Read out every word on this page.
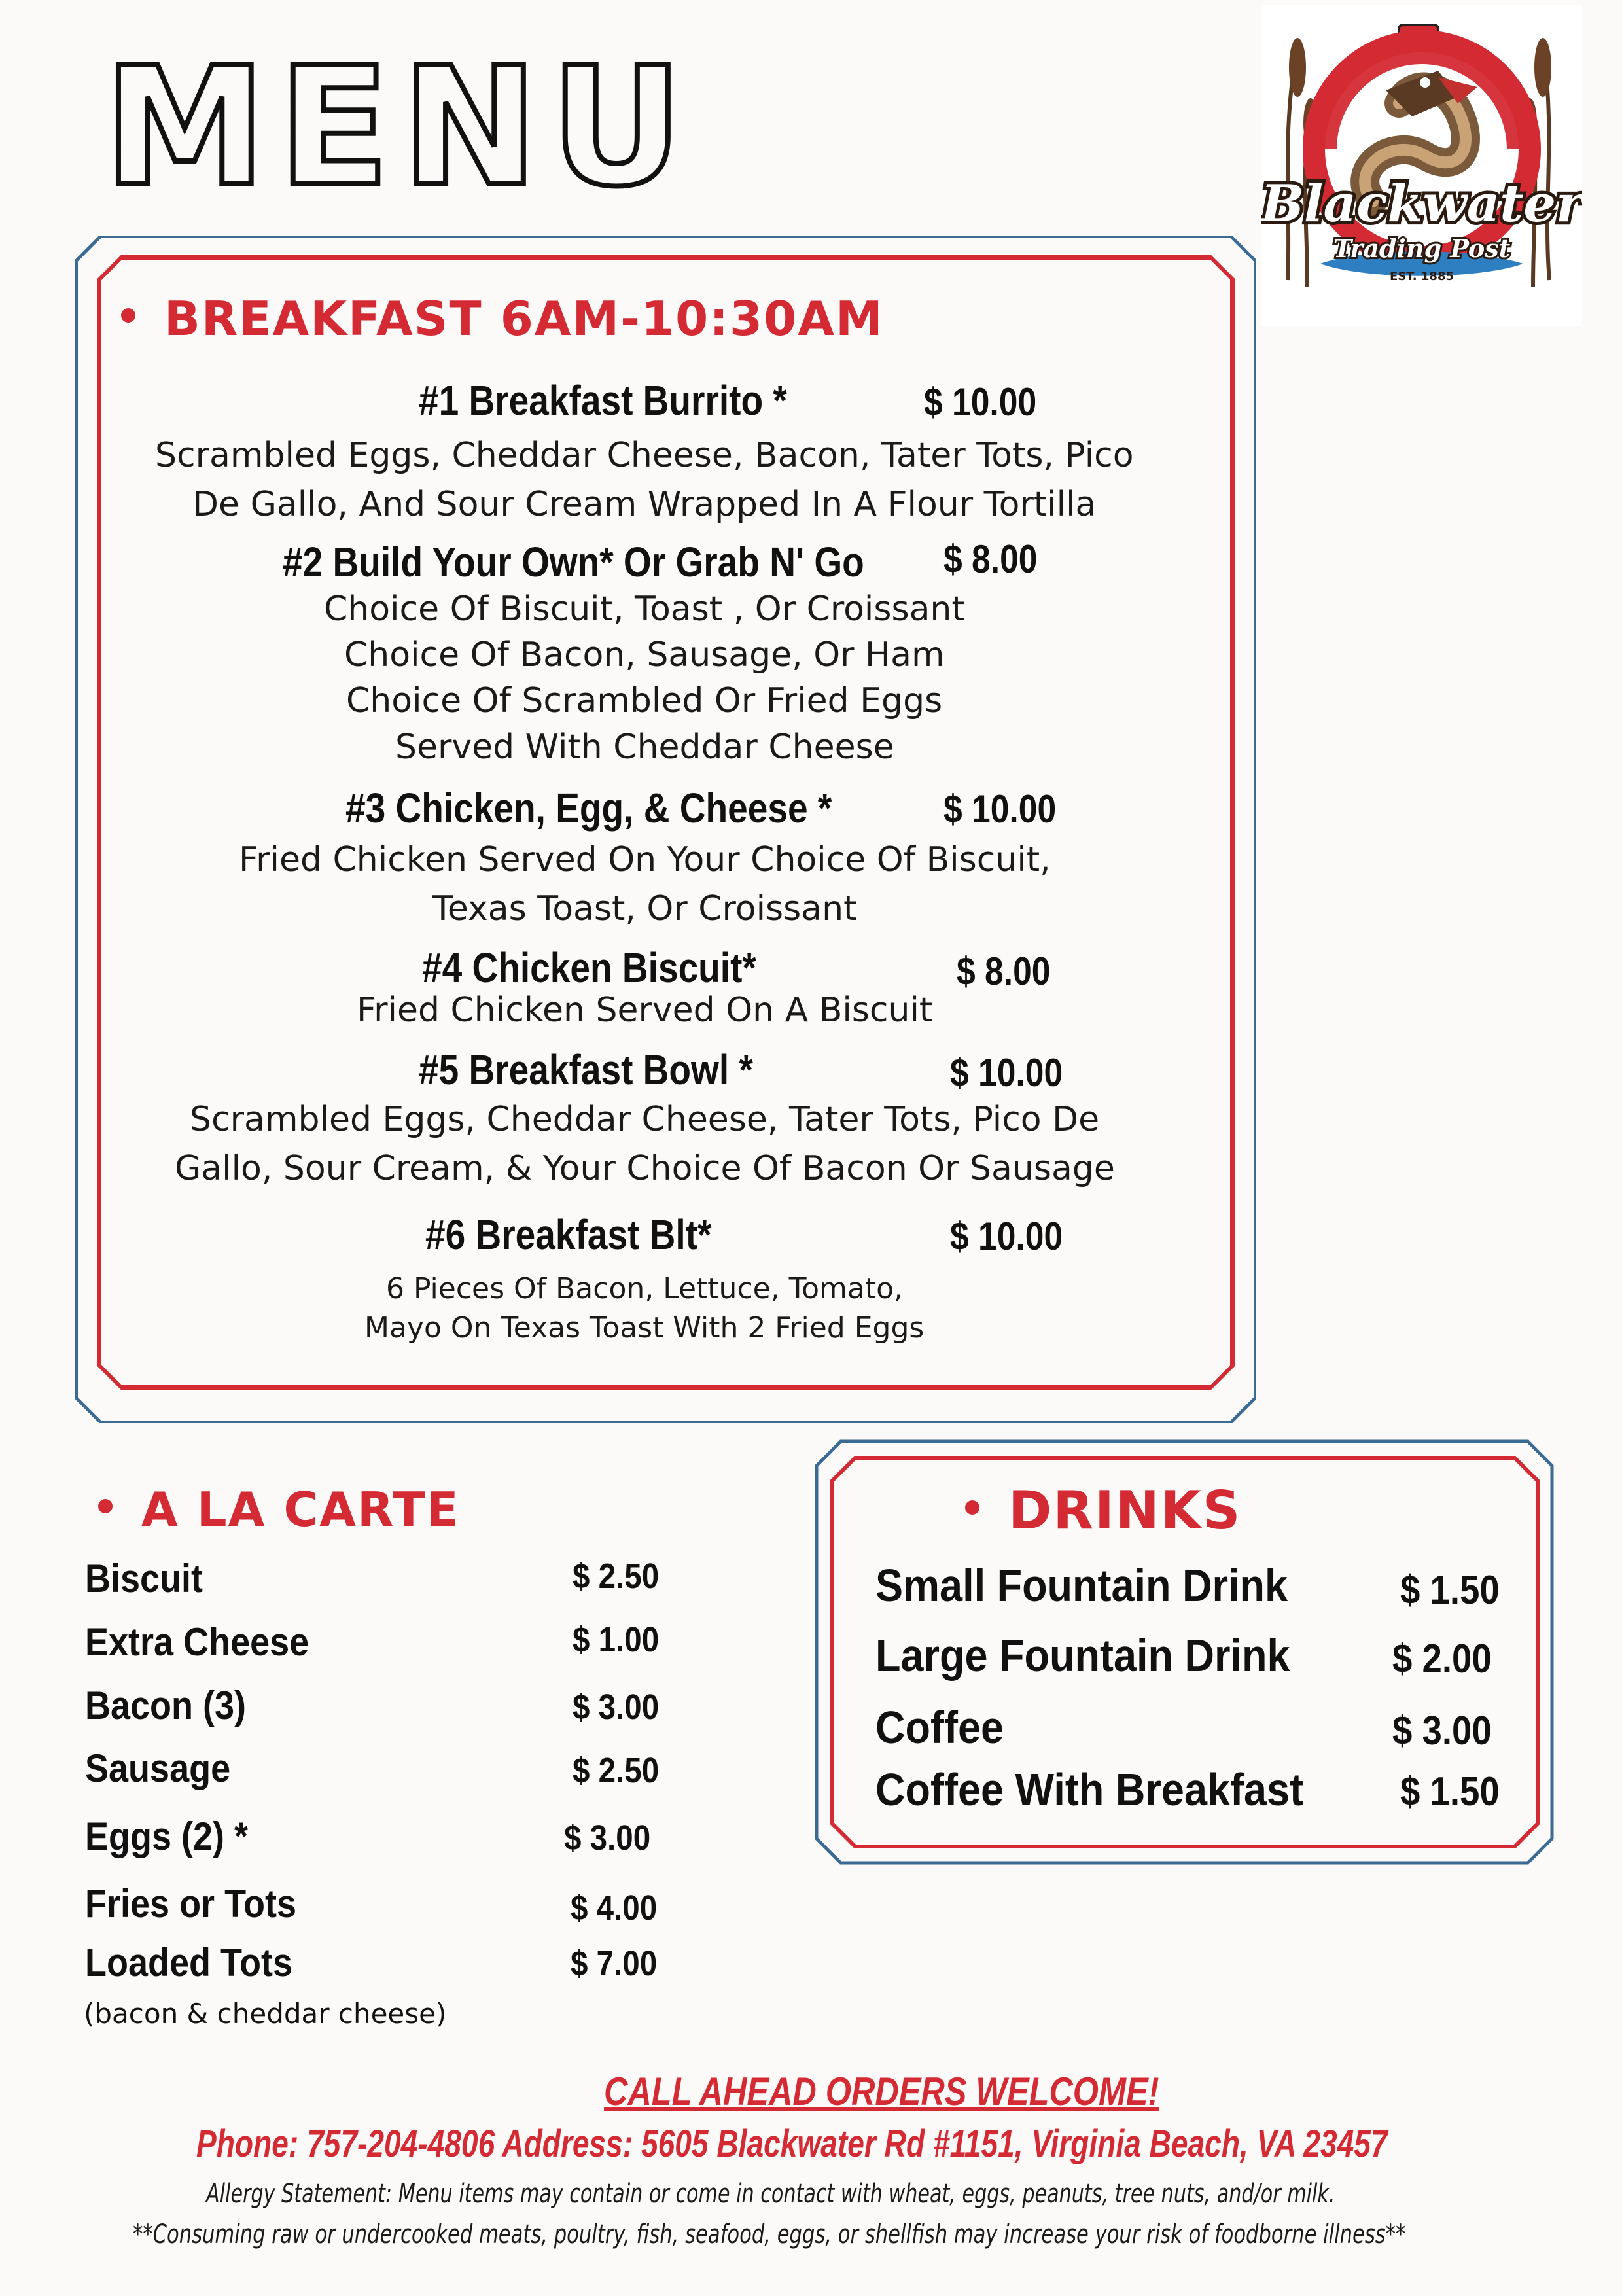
MENU	Blackwater
Trading Post
EST. 1885
BREAKFAST 6AM-10:30AM
#1 Breakfast Burrito *	$ 10.00
Scrambled Eggs, Cheddar Cheese, Bacon, Tater Tots, Pico
De Gallo, And Sour Cream Wrapped In A Flour Tortilla
#2 Build Your Own* Or Grab N' Go $ 8.00
Choice Of Biscuit, Toast , Or Croissant
Choice Of Bacon, Sausage, Or Ham
Choice Of Scrambled Or Fried Eggs
Served With Cheddar Cheese
#3 Chicken, Egg, & Cheese *	$ 10.00
Fried Chicken Served On Your Choice Of Biscuit,
Texas Toast, Or Croissant
#4 Chicken Biscuit*	$ 8.00
Fried Chicken Served On A Biscuit
#5 Breakfast Bowl *	$ 10.00
Scrambled Eggs, Cheddar Cheese, Tater Tots, Pico De
Gallo, Sour Cream, & Your Choice Of Bacon Or Sausage
#6 Breakfast Blt*	$ 10.00
6 Pieces Of Bacon, Lettuce, Tomato,
Mayo On Texas Toast With 2 Fried Eggs
A LA CARTE
Biscuit	$ 2.50
Extra Cheese	$ 1.00
Bacon (3)	$ 3.00
Sausage	$ 2.50
Eggs (2) *	$ 3.00
Fries or Tots	$ 4.00
Loaded Tots	$ 7.00
(bacon & cheddar cheese)
DRINKS
Small Fountain Drink	$ 1.50
Large Fountain Drink	$ 2.00
Coffee	$ 3.00
Coffee With Breakfast $ 1.50
CALL AHEAD ORDERS WELCOME!
Phone: 757-204-4806 Address: 5605 Blackwater Rd #1151, Virginia Beach, VA 23457
Allergy Statement: Menu items may contain or come in contact with wheat, eggs, peanuts, tree nuts, and/or milk.
**Consuming raw or undercooked meats, poultry, fish, seafood, eggs, or shellfish may increase your risk of foodborne illness**
